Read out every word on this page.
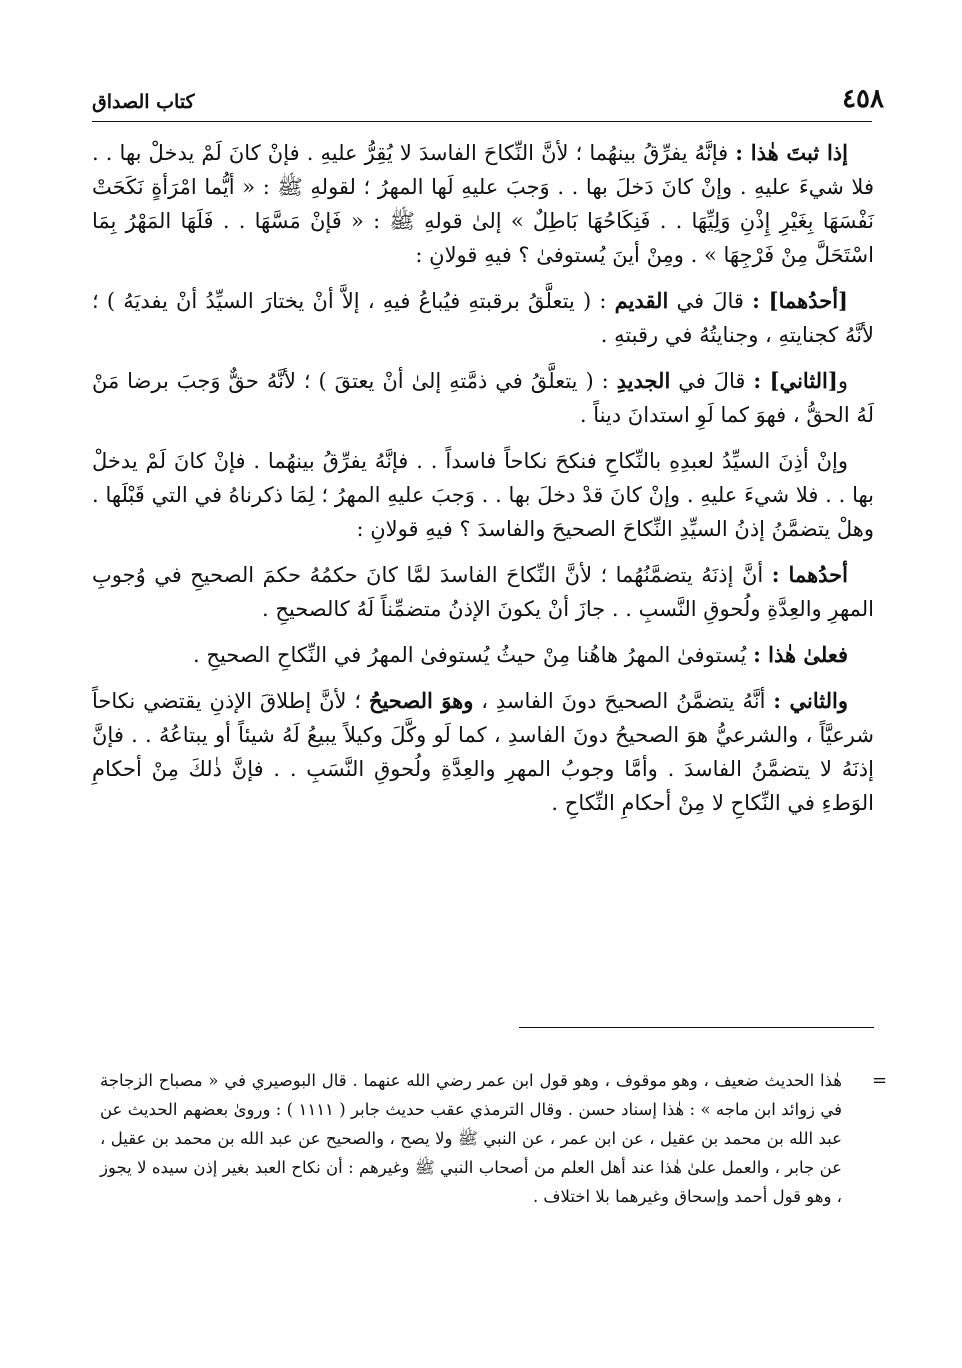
٤٥٨
كتاب الصداق

إذا ثبتَ هٰذا : فإنَّهُ يفرِّقُ بينهُما ؛ لأنَّ النِّكاحَ الفاسدَ لا يُقِرُّ عليهِ . فإنْ كانَ لَمْ يدخلْ بها . . فلا شيءَ عليهِ . وإنْ كانَ دَخلَ بها . . وَجبَ عليهِ لَها المهرُ ؛ لقولهِ ﷺ : « أيُّما امْرَأةٍ نَكَحَتْ نَفْسَهَا بِغَيْرِ إِذْنِ وَلِيِّهَا . . فَنِكَاحُهَا بَاطِلٌ » إلىٰ قولهِ ﷺ : « فَإنْ مَسَّهَا . . فَلَهَا المَهْرُ بِمَا اسْتَحَلَّ مِنْ فَرْجِهَا » . ومِنْ أينَ يُستوفىٰ ؟ فيهِ قولانِ :

[أحدُهما] : قالَ في القديم : ( يتعلَّقُ برقبتهِ فيُباعُ فيهِ ، إلاَّ أنْ يختارَ السيِّدُ أنْ يفديَهُ ) ؛ لأنَّهُ كجنايتهِ ، وجنايتُهُ في رقبتهِ .

و[الثاني] : قالَ في الجديدِ : ( يتعلَّقُ في ذمَّتهِ إلىٰ أنْ يعتقَ ) ؛ لأنَّهُ حقٌّ وَجبَ برضا مَنْ لَهُ الحقُّ ، فهوَ كما لَوِ استدانَ ديناً .

وإنْ أذِنَ السيِّدُ لعبدِهِ بالنِّكاحِ فنكحَ نكاحاً فاسداً . . فإنَّهُ يفرِّقُ بينهُما . فإنْ كانَ لَمْ يدخلْ بها . . فلا شيءَ عليهِ . وإنْ كانَ قدْ دخلَ بها . . وَجبَ عليهِ المهرُ ؛ لِمَا ذكرناهُ في التي قَبْلَها . وهلْ يتضمَّنُ إذنُ السيِّدِ النِّكاحَ الصحيحَ والفاسدَ ؟ فيهِ قولانِ :

أحدُهما : أنَّ إذنَهُ يتضمَّنُهُما ؛ لأنَّ النِّكاحَ الفاسدَ لمَّا كانَ حكمُهُ حكمَ الصحيحِ في وُجوبِ المهرِ والعِدَّةِ ولُحوقِ النَّسبِ . . جازَ أنْ يكونَ الإذنُ متضمِّناً لَهُ كالصحيحِ .

فعلىٰ هٰذا : يُستوفىٰ المهرُ هاهُنا مِنْ حيثُ يُستوفىٰ المهرُ في النِّكاحِ الصحيحِ .

والثاني : أنَّهُ يتضمَّنُ الصحيحَ دونَ الفاسدِ ، وهوَ الصحيحُ ؛ لأنَّ إطلاقَ الإذنِ يقتضي نكاحاً شرعيَّاً ، والشرعيُّ هوَ الصحيحُ دونَ الفاسدِ ، كما لَو وكَّلَ وكيلاً يبيعُ لَهُ شيئاً أو يبتاعُهُ . . فإنَّ إذنَهُ لا يتضمَّنُ الفاسدَ . وأمَّا وجوبُ المهرِ والعِدَّةِ ولُحوقِ النَّسَبِ . . فإنَّ ذٰلكَ مِنْ أحكامِ الوَطءِ في النِّكاحِ لا مِنْ أحكامِ النِّكاحِ .

=
هٰذا الحديث ضعيف ، وهو موقوف ، وهو قول ابن عمر رضي الله عنهما . قال البوصيري في « مصباح الزجاجة في زوائد ابن ماجه » : هٰذا إسناد حسن . وقال الترمذي عقب حديث جابر ( ١١١١ ) : وروىٰ بعضهم الحديث عن عبد الله بن محمد بن عقيل ، عن ابن عمر ، عن النبي ﷺ ولا يصح ، والصحيح عن عبد الله بن محمد بن عقيل ، عن جابر ، والعمل علىٰ هٰذا عند أهل العلم من أصحاب النبي ﷺ وغيرهم : أن نكاح العبد بغير إذن سيده لا يجوز ، وهو قول أحمد وإسحاق وغيرهما بلا اختلاف .
